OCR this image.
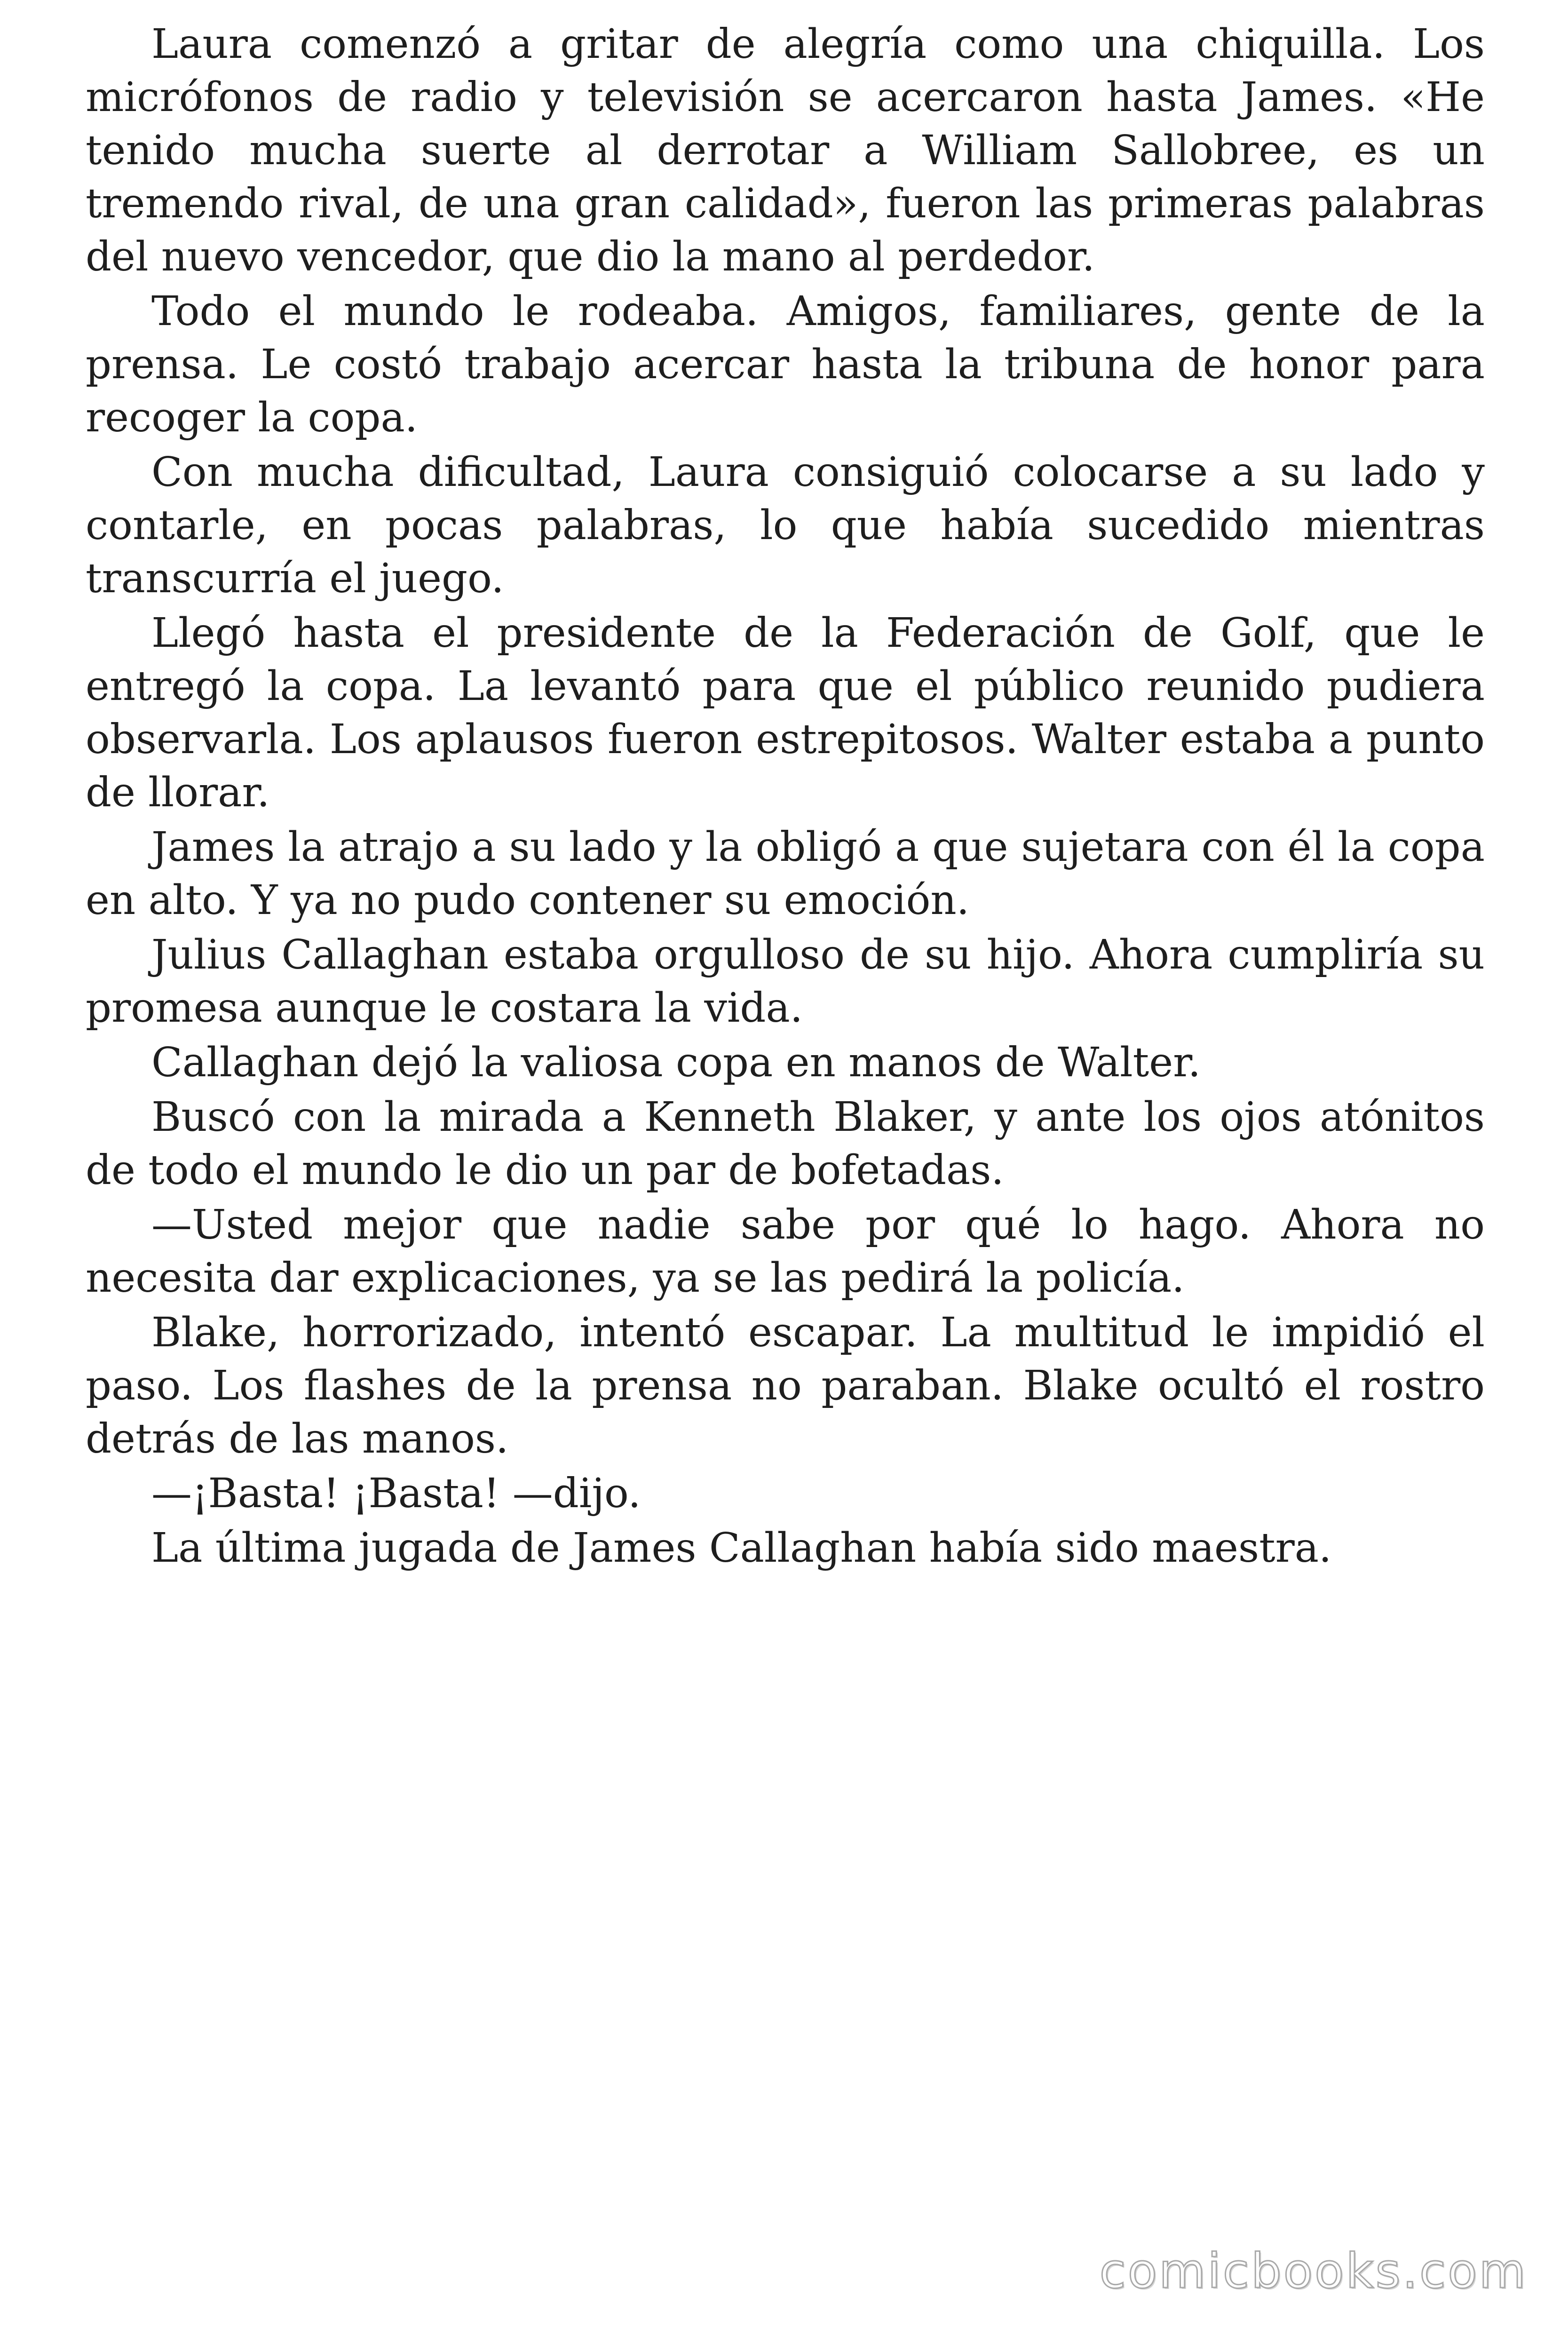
Laura comenzó a gritar de alegría como una chiquilla. Los micrófonos de radio y televisión se acercaron hasta James. «He tenido mucha suerte al derrotar a William Sallobree, es un tremendo rival, de una gran calidad», fueron las primeras palabras del nuevo vencedor, que dio la mano al perdedor.

Todo el mundo le rodeaba. Amigos, familiares, gente de la prensa. Le costó trabajo acercar hasta la tribuna de honor para recoger la copa.

Con mucha dificultad, Laura consiguió colocarse a su lado y contarle, en pocas palabras, lo que había sucedido mientras transcurría el juego.

Llegó hasta el presidente de la Federación de Golf, que le entregó la copa. La levantó para que el público reunido pudiera observarla. Los aplausos fueron estrepitosos. Walter estaba a punto de llorar.

James la atrajo a su lado y la obligó a que sujetara con él la copa en alto. Y ya no pudo contener su emoción.

Julius Callaghan estaba orgulloso de su hijo. Ahora cumpliría su promesa aunque le costara la vida.

Callaghan dejó la valiosa copa en manos de Walter.

Buscó con la mirada a Kenneth Blaker, y ante los ojos atónitos de todo el mundo le dio un par de bofetadas.

—Usted mejor que nadie sabe por qué lo hago. Ahora no necesita dar explicaciones, ya se las pedirá la policía.

Blake, horrorizado, intentó escapar. La multitud le impidió el paso. Los flashes de la prensa no paraban. Blake ocultó el rostro detrás de las manos.

—¡Basta! ¡Basta! —dijo.

La última jugada de James Callaghan había sido maestra.

comicbooks.com
